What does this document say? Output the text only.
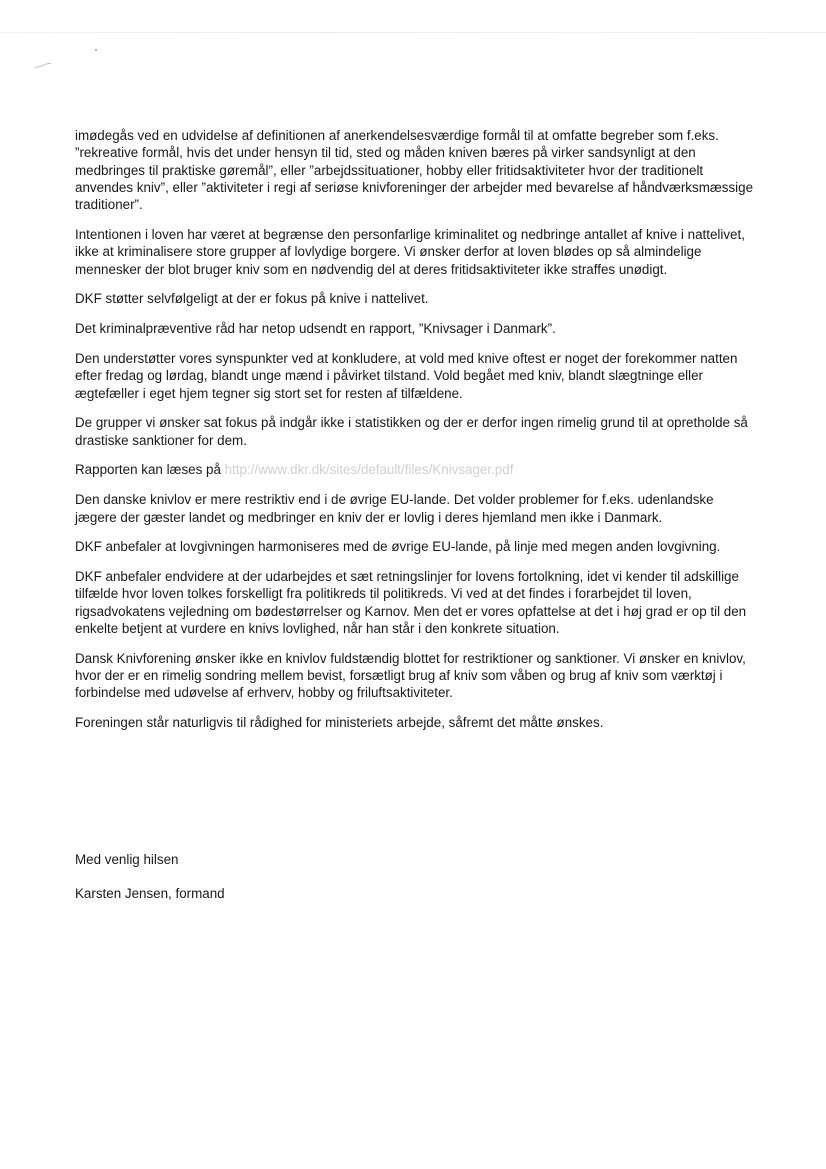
imødegås ved en udvidelse af definitionen af anerkendelsesværdige formål til at omfatte begreber som f.eks. ”rekreative formål, hvis det under hensyn til tid, sted og måden kniven bæres på virker sandsynligt at den medbringes til praktiske gøremål”, eller ”arbejdssituationer, hobby eller fritidsaktiviteter hvor der traditionelt anvendes kniv”, eller ”aktiviteter i regi af seriøse knivforeninger der arbejder med bevarelse af håndværksmæssige traditioner”.

Intentionen i loven har været at begrænse den personfarlige kriminalitet og nedbringe antallet af knive i nattelivet, ikke at kriminalisere store grupper af lovlydige borgere. Vi ønsker derfor at loven blødes op så almindelige mennesker der blot bruger kniv som en nødvendig del at deres fritidsaktiviteter ikke straffes unødigt.

DKF støtter selvfølgeligt at der er fokus på knive i nattelivet.

Det kriminalpræventive råd har netop udsendt en rapport, ”Knivsager i Danmark”.

Den understøtter vores synspunkter ved at konkludere, at vold med knive oftest er noget der forekommer natten efter fredag og lørdag, blandt unge mænd i påvirket tilstand. Vold begået med kniv, blandt slægtninge eller ægtefæller i eget hjem tegner sig stort set for resten af tilfældene.

De grupper vi ønsker sat fokus på indgår ikke i statistikken og der er derfor ingen rimelig grund til at opretholde så drastiske sanktioner for dem.

Rapporten kan læses på http://www.dkr.dk/sites/default/files/Knivsager.pdf

Den danske knivlov er mere restriktiv end i de øvrige EU-lande. Det volder problemer for f.eks. udenlandske jægere der gæster landet og medbringer en kniv der er lovlig i deres hjemland men ikke i Danmark.

DKF anbefaler at lovgivningen harmoniseres med de øvrige EU-lande, på linje med megen anden lovgivning.

DKF anbefaler endvidere at der udarbejdes et sæt retningslinjer for lovens fortolkning, idet vi kender til adskillige tilfælde hvor loven tolkes forskelligt fra politikreds til politikreds. Vi ved at det findes i forarbejdet til loven, rigsadvokatens vejledning om bødestørrelser og Karnov. Men det er vores opfattelse at det i høj grad er op til den enkelte betjent at vurdere en knivs lovlighed, når han står i den konkrete situation.

Dansk Knivforening ønsker ikke en knivlov fuldstændig blottet for restriktioner og sanktioner. Vi ønsker en knivlov, hvor der er en rimelig sondring mellem bevist, forsætligt brug af kniv som våben og brug af kniv som værktøj i forbindelse med udøvelse af erhverv, hobby og friluftsaktiviteter.

Foreningen står naturligvis til rådighed for ministeriets arbejde, såfremt det måtte ønskes.

Med venlig hilsen

Karsten Jensen, formand
